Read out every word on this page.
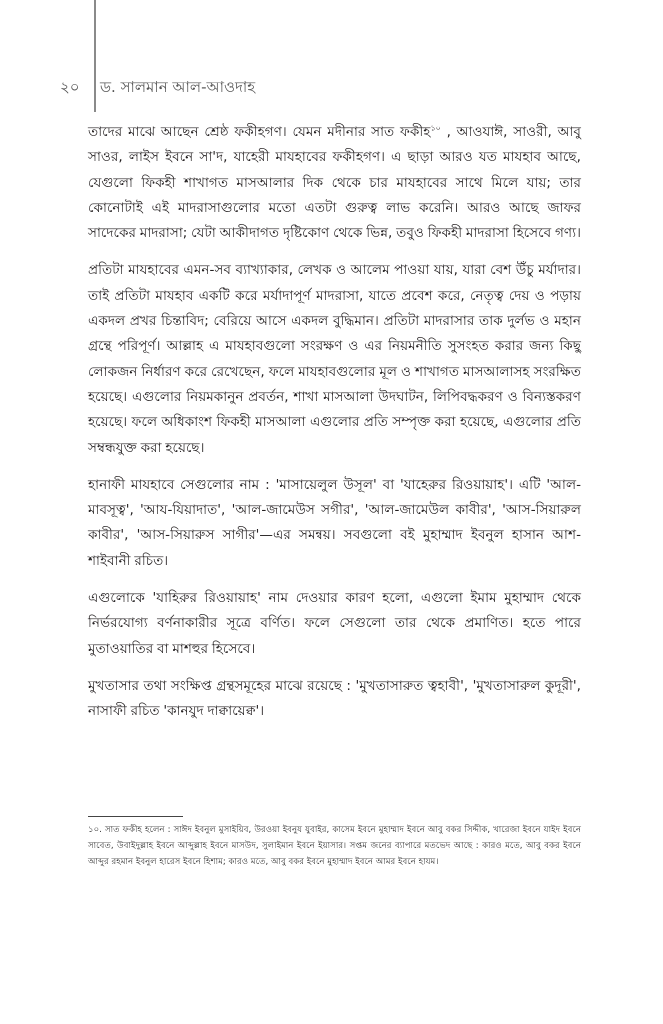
২০ ড. সালমান আল-আওদাহ

তাদের মাঝে আছেন শ্রেষ্ঠ ফকীহগণ। যেমন মদীনার সাত ফকীহ$^{১০}$ , আওযাঈ, সাওরী, আবু সাওর, লাইস ইবনে সা'দ, যাহেরী মাযহাবের ফকীহগণ। এ ছাড়া আরও যত মাযহাব আছে, যেগুলো ফিকহী শাখাগত মাসআলার দিক থেকে চার মাযহাবের সাথে মিলে যায়; তার কোনোটাই এই মাদরাসাগুলোর মতো এতটা গুরুত্ব লাভ করেনি। আরও আছে জাফর সাদেকের মাদরাসা; যেটা আকীদাগত দৃষ্টিকোণ থেকে ভিন্ন, তবুও ফিকহী মাদরাসা হিসেবে গণ্য।

প্রতিটা মাযহাবের এমন-সব ব্যাখ্যাকার, লেখক ও আলেম পাওয়া যায়, যারা বেশ উঁচু মর্যাদার। তাই প্রতিটা মাযহাব একটি করে মর্যাদাপূর্ণ মাদরাসা, যাতে প্রবেশ করে, নেতৃত্ব দেয় ও পড়ায় একদল প্রখর চিন্তাবিদ; বেরিয়ে আসে একদল বুদ্ধিমান। প্রতিটা মাদরাসার তাক দুর্লভ ও মহান গ্রন্থে পরিপূর্ণ। আল্লাহ এ মাযহাবগুলো সংরক্ষণ ও এর নিয়মনীতি সুসংহত করার জন্য কিছু লোকজন নির্ধারণ করে রেখেছেন, ফলে মাযহাবগুলোর মূল ও শাখাগত মাসআলাসহ সংরক্ষিত হয়েছে। এগুলোর নিয়মকানুন প্রবর্তন, শাখা মাসআলা উদঘাটন, লিপিবদ্ধকরণ ও বিন্যস্তকরণ হয়েছে। ফলে অধিকাংশ ফিকহী মাসআলা এগুলোর প্রতি সম্পৃক্ত করা হয়েছে, এগুলোর প্রতি সম্বন্ধযুক্ত করা হয়েছে।

হানাফী মাযহাবে সেগুলোর নাম : 'মাসায়েলুল উসূল' বা 'যাহেরুর রিওয়ায়াহ'। এটি 'আল-মাবসূত্ব', 'আয-যিয়াদাত', 'আল-জামেউস সগীর', 'আল-জামেউল কাবীর', 'আস-সিয়ারুল কাবীর', 'আস-সিয়ারুস সাগীর'—এর সমন্বয়। সবগুলো বই মুহাম্মাদ ইবনুল হাসান আশ-শাইবানী রচিত।

এগুলোকে 'যাহিরুর রিওয়ায়াহ' নাম দেওয়ার কারণ হলো, এগুলো ইমাম মুহাম্মাদ থেকে নির্ভরযোগ্য বর্ণনাকারীর সূত্রে বর্ণিত। ফলে সেগুলো তার থেকে প্রমাণিত। হতে পারে মুতাওয়াতির বা মাশহুর হিসেবে।

মুখতাসার তথা সংক্ষিপ্ত গ্রন্থসমূহের মাঝে রয়েছে : 'মুখতাসারুত ত্বহাবী', 'মুখতাসারুল কুদূরী', নাসাফী রচিত 'কানযুদ দাক্বায়েক্ব'।

১০. সাত ফকীহ হলেন : সাঈদ ইবনুল মুসাইয়িব, উরওয়া ইবনুয যুবাইর, কাসেম ইবনে মুহাম্মাদ ইবনে আবু বকর সিদ্দীক, খারেজা ইবনে যাইদ ইবনে সাবেত, উবাইদুল্লাহ ইবনে আব্দুল্লাহ ইবনে মাসউদ, সুলাইমান ইবনে ইয়াসার। সপ্তম জনের ব্যাপারে মতভেদ আছে : কারও মতে, আবু বকর ইবনে আব্দুর রহমান ইবনুল হারেস ইবনে হিশাম; কারও মতে, আবু বকর ইবনে মুহাম্মাদ ইবনে আমর ইবনে হাযম।
